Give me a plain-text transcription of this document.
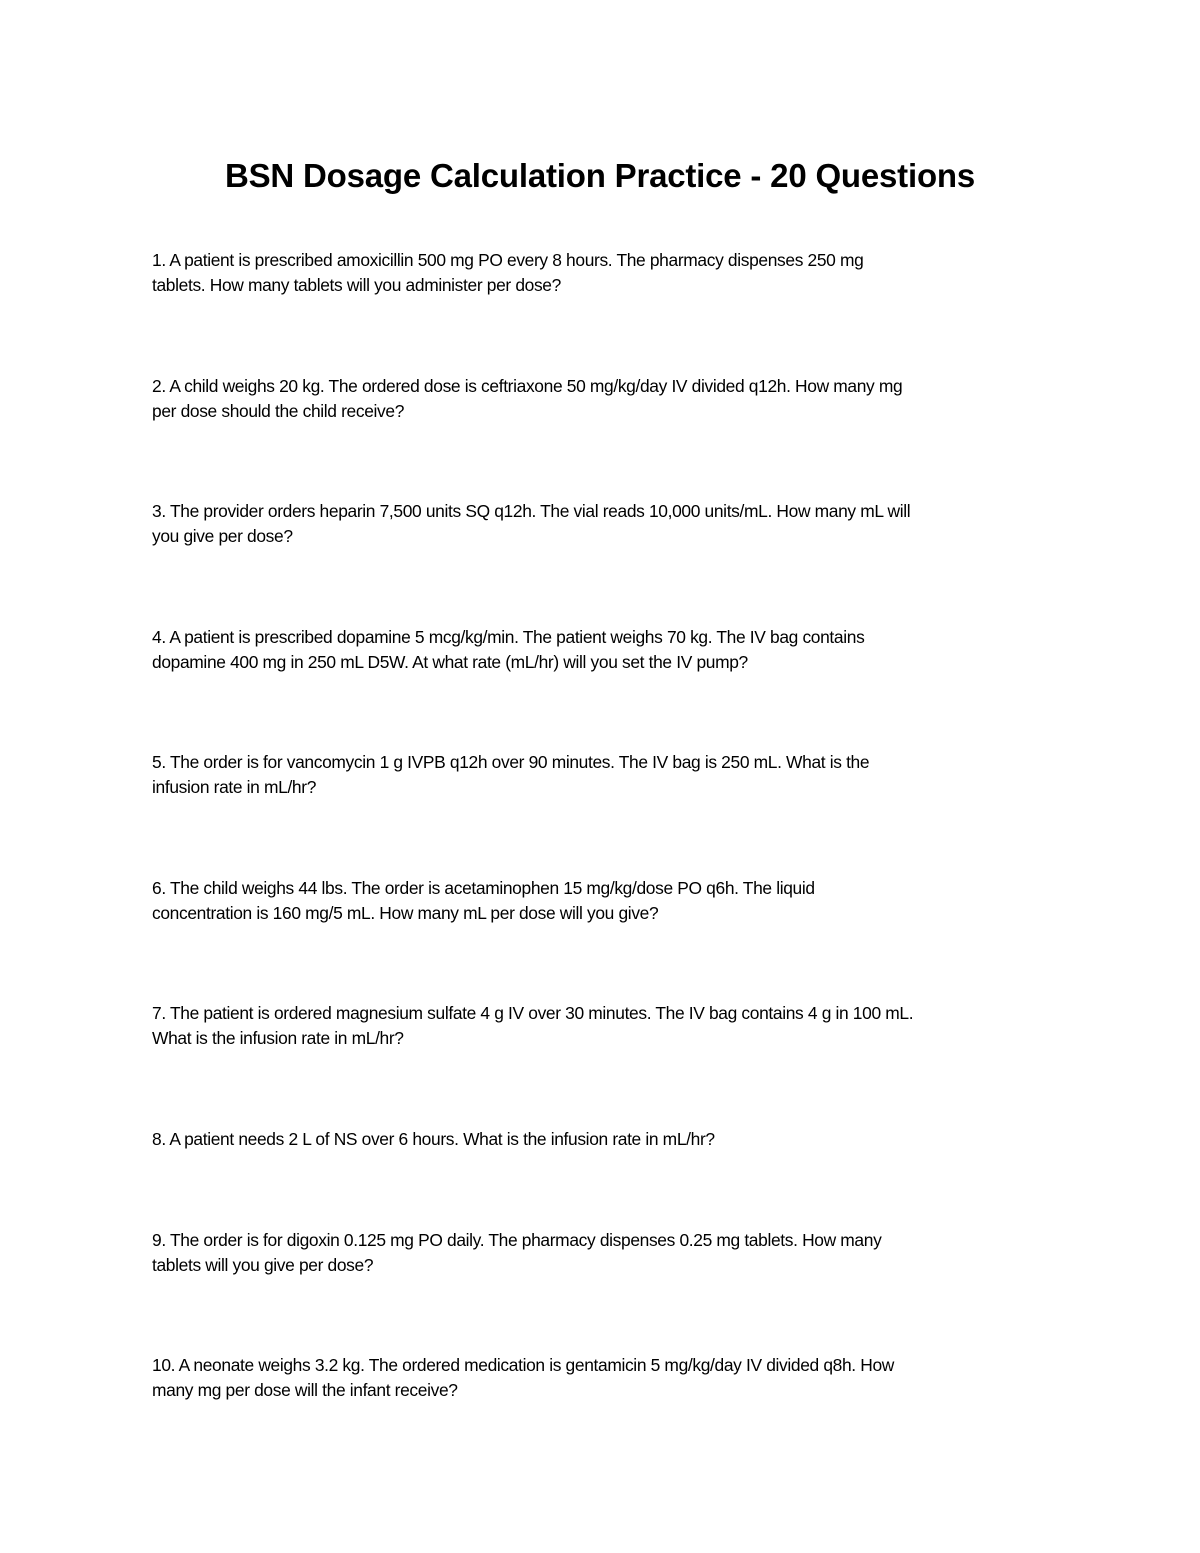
BSN Dosage Calculation Practice - 20 Questions
1. A patient is prescribed amoxicillin 500 mg PO every 8 hours. The pharmacy dispenses 250 mg
tablets. How many tablets will you administer per dose?
2. A child weighs 20 kg. The ordered dose is ceftriaxone 50 mg/kg/day IV divided q12h. How many mg
per dose should the child receive?
3. The provider orders heparin 7,500 units SQ q12h. The vial reads 10,000 units/mL. How many mL will
you give per dose?
4. A patient is prescribed dopamine 5 mcg/kg/min. The patient weighs 70 kg. The IV bag contains
dopamine 400 mg in 250 mL D5W. At what rate (mL/hr) will you set the IV pump?
5. The order is for vancomycin 1 g IVPB q12h over 90 minutes. The IV bag is 250 mL. What is the
infusion rate in mL/hr?
6. The child weighs 44 lbs. The order is acetaminophen 15 mg/kg/dose PO q6h. The liquid
concentration is 160 mg/5 mL. How many mL per dose will you give?
7. The patient is ordered magnesium sulfate 4 g IV over 30 minutes. The IV bag contains 4 g in 100 mL.
What is the infusion rate in mL/hr?
8. A patient needs 2 L of NS over 6 hours. What is the infusion rate in mL/hr?
9. The order is for digoxin 0.125 mg PO daily. The pharmacy dispenses 0.25 mg tablets. How many
tablets will you give per dose?
10. A neonate weighs 3.2 kg. The ordered medication is gentamicin 5 mg/kg/day IV divided q8h. How
many mg per dose will the infant receive?
